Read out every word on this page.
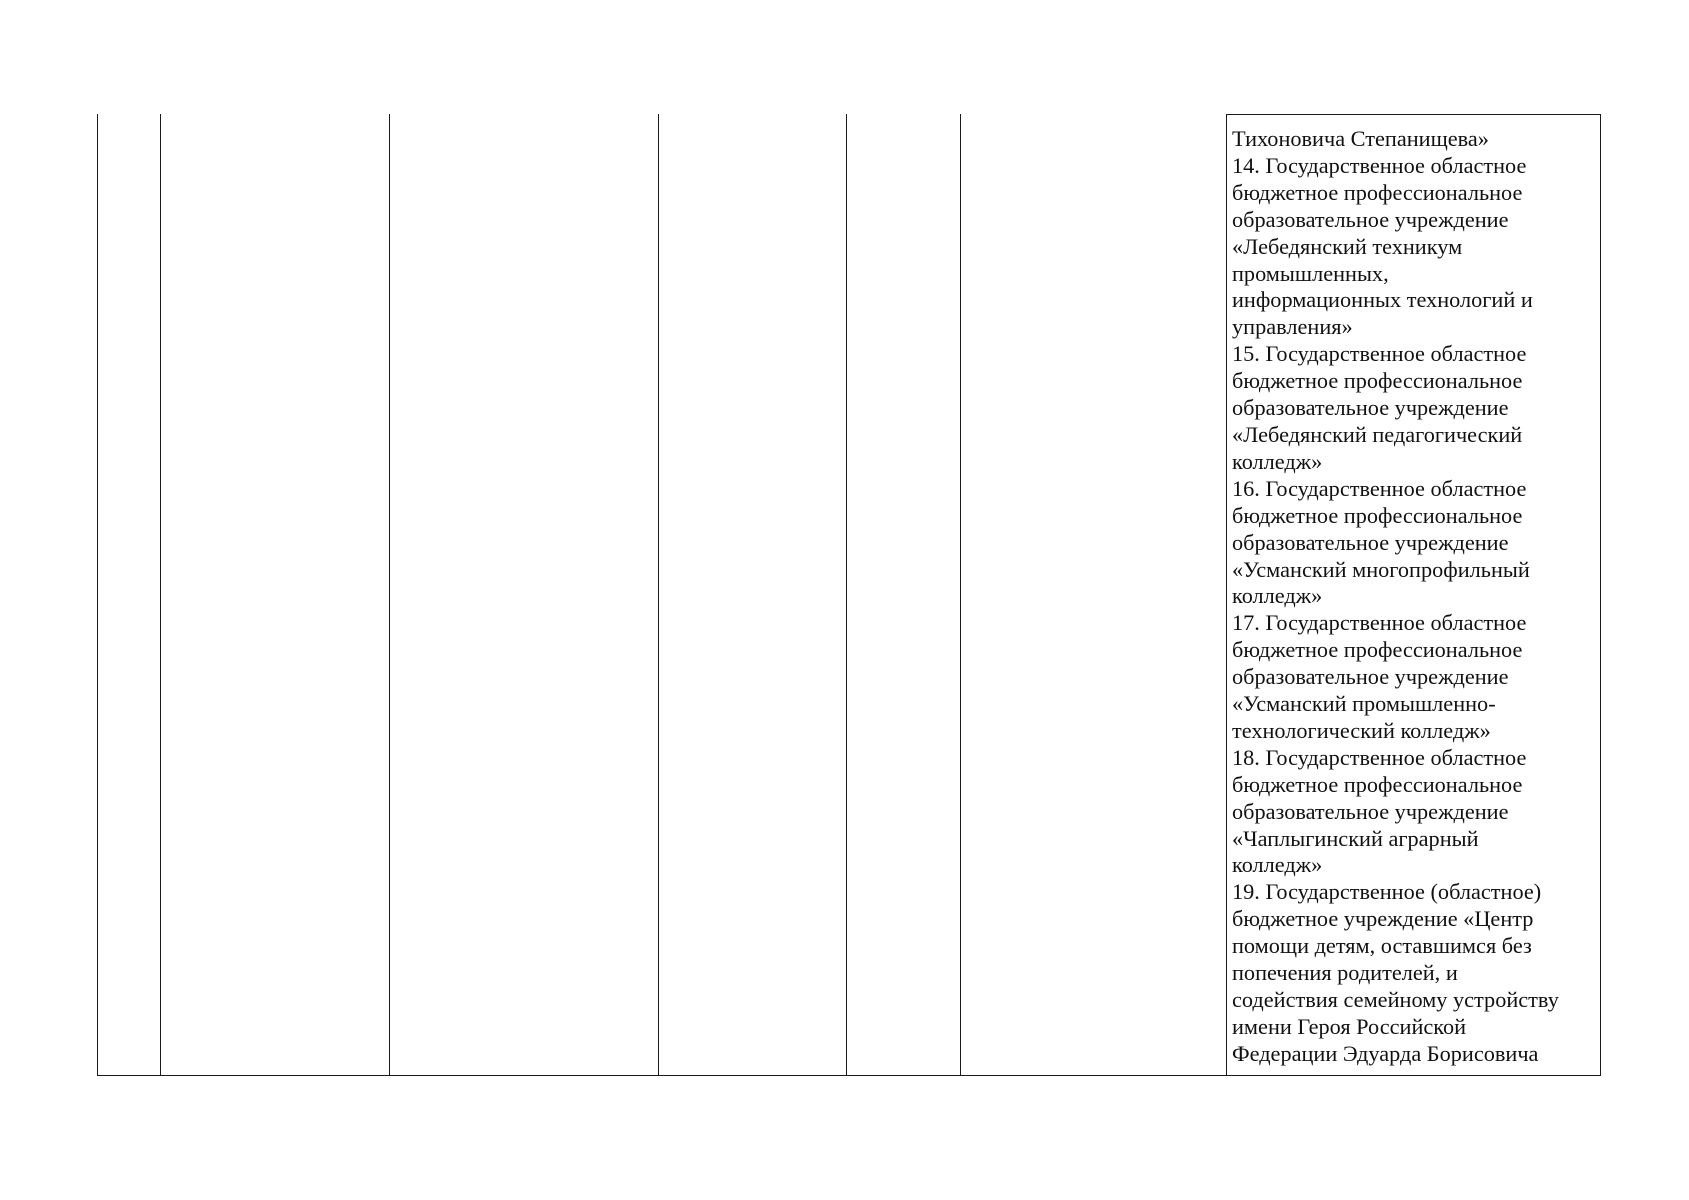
Тихоновича Степанищева»
14. Государственное областное
бюджетное профессиональное
образовательное учреждение
«Лебедянский техникум
промышленных,
информационных технологий и
управления»
15. Государственное областное
бюджетное профессиональное
образовательное учреждение
«Лебедянский педагогический
колледж»
16. Государственное областное
бюджетное профессиональное
образовательное учреждение
«Усманский многопрофильный
колледж»
17. Государственное областное
бюджетное профессиональное
образовательное учреждение
«Усманский промышленно-
технологический колледж»
18. Государственное областное
бюджетное профессиональное
образовательное учреждение
«Чаплыгинский аграрный
колледж»
19. Государственное (областное)
бюджетное учреждение «Центр
помощи детям, оставшимся без
попечения родителей, и
содействия семейному устройству
имени Героя Российской
Федерации Эдуарда Борисовича
